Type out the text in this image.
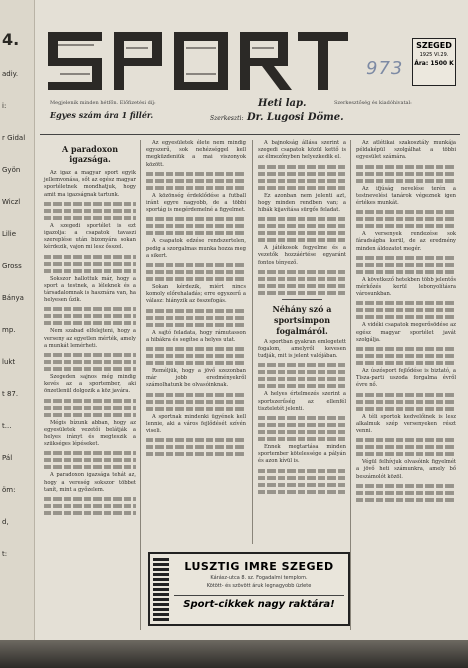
4.
adiy.
i:
r Gidal
Gyön
Wiczl
Lilie
Gross
Bánya
mp.
lukt
t 87.
t...
Pál
öm:
d,
t:
SPORT
973
SZEGED
1925 VI.29.
Ára: 1500 K
Megjelenik minden hétfőn. Előfizetési díj:
Egyes szám ára 1 fillér.
Heti lap.
Szerkeszti: Dr. Lugosi Döme.
Szerkesztőség és kiadóhivatal:
A paradoxon igazsága.

Az igaz a magyar sport egyik jellemvonása, sőt az egész magyar sportéletnek mondhatjuk, hogy amit ma igazságnak tartunk.

A szegedi sportélet is ezt igazolja: a csapatok tavaszi szereplése után bizonyára sokan kérdezik, vajon mi lesz ősszel.

Sokszor hallottuk már, hogy a sport a testnek, a léleknek és a társadalomnak is hasznára van, ha helyesen űzik.

Nem szabad elfelejteni, hogy a verseny az egyetlen mérték, amely a munkát lemérheti.

Szegeden sajnos még mindig kevés az a sportember, aki önzetlenül dolgozik a köz javára.

Mégis bízunk abban, hogy az egyesületek vezetői belátják a helyes irányt és megteszik a szükséges lépéseket.

A paradoxon igazsága tehát az, hogy a vereség sokszor többet tanít, mint a győzelem.

Az egyesületek élete nem mindig egyszerű, sok nehézséggel kell megküzdeniük a mai viszonyok között.

A közönség érdeklődése a futball iránt egyre nagyobb, de a többi sportág is megérdemelné a figyelmet.

A csapatok edzése rendszertelen, pedig a szorgalmas munka hozza meg a sikert.

Sokan kérdezik, miért nincs komoly előrehaladás; erre egyszerű a válasz: hiányzik az összefogás.

A sajtó feladata, hogy rámutasson a hibákra és segítse a helyes utat.

Reméljük, hogy a jövő szezonban már jobb eredményekről számolhatunk be olvasóinknak.

A sportnak mindenki ügyének kell lennie, aki a város fejlődését szívén viseli.

A bajnokság állása szerint a szegedi csapatok közül kettő is az élmezőnyben helyezkedik el.

Ez azonban nem jelenti azt, hogy minden rendben van; a hibák kijavítása sürgős feladat.

A játékosok fegyelme és a vezetők hozzáértése egyaránt fontos tényező.

Néhány szó a sportsimpon fogalmáról.

A sportban gyakran emlegetett fogalom, amelyről kevesen tudják, mit is jelent valójában.

A helyes értelmezés szerint a sportszerűség az ellenfél tiszteletét jelenti.

Ennek megtartása minden sportember kötelessége a pályán és azon kívül is.

Az atlétikai szakosztály munkája példaképül szolgálhat a többi egyesület számára.

Az ifjúság nevelése terén a testnevelési tanárok végeznek igen értékes munkát.

A versenyek rendezése sok fáradságba kerül, de az eredmény minden áldozatot megér.

A következő hetekben több jelentős mérkőzés kerül lebonyolításra városunkban.

A vidéki csapatok megerősödése az egész magyar sportélet javát szolgálja.

Az úszósport fejlődése is biztató, a Tisza-parti uszoda forgalma évről évre nő.

A téli sportok kedvelőinek is lesz alkalmuk szép versenyeken részt venni.

Végül felhívjuk olvasóink figyelmét a jövő heti számunkra, amely bő beszámolót közöl.

LUSZTIG IMRE SZEGED
Kárász-utca 8. sz. Fogadalmi templom.
Kötött- és szövött áruk legnagyobb üzlete
Sport-cikkek nagy raktára!
